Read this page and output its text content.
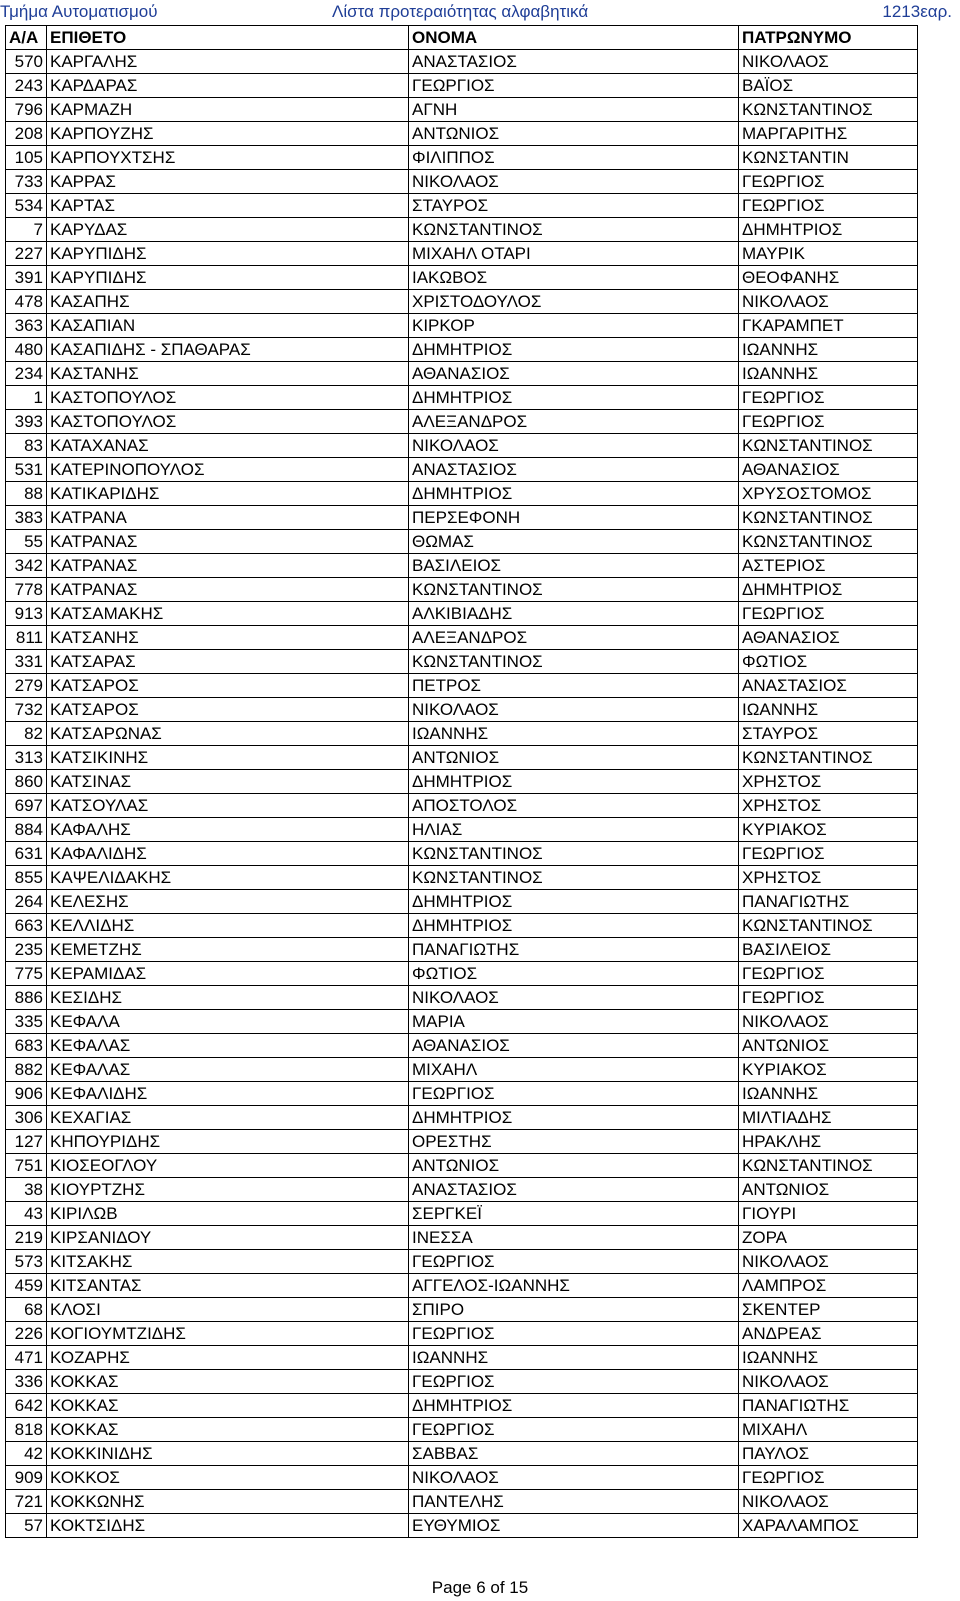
Τμήμα Αυτοματισμού	Λίστα προτεραιότητας αλφαβητικά	1213εαρ.
Α/Α	ΕΠΙΘΕΤΟ	ΟΝΟΜΑ	ΠΑΤΡΩΝΥΜΟ
570	ΚΑΡΓΑΛΗΣ	ΑΝΑΣΤΑΣΙΟΣ	ΝΙΚΟΛΑΟΣ
243	ΚΑΡΔΑΡΑΣ	ΓΕΩΡΓΙΟΣ	ΒΑΪΟΣ
796	ΚΑΡΜΑΖΗ	ΑΓΝΗ	ΚΩΝΣΤΑΝΤΙΝΟΣ
208	ΚΑΡΠΟΥΖΗΣ	ΑΝΤΩΝΙΟΣ	ΜΑΡΓΑΡΙΤΗΣ
105	ΚΑΡΠΟΥΧΤΣΗΣ	ΦΙΛΙΠΠΟΣ	ΚΩΝΣΤΑΝΤΙΝ
733	ΚΑΡΡΑΣ	ΝΙΚΟΛΑΟΣ	ΓΕΩΡΓΙΟΣ
534	ΚΑΡΤΑΣ	ΣΤΑΥΡΟΣ	ΓΕΩΡΓΙΟΣ
7	ΚΑΡΥΔΑΣ	ΚΩΝΣΤΑΝΤΙΝΟΣ	ΔΗΜΗΤΡΙΟΣ
227	ΚΑΡΥΠΙΔΗΣ	ΜΙΧΑΗΛ ΟΤΑΡΙ	ΜΑΥΡΙΚ
391	ΚΑΡΥΠΙΔΗΣ	ΙΑΚΩΒΟΣ	ΘΕΟΦΑΝΗΣ
478	ΚΑΣΑΠΗΣ	ΧΡΙΣΤΟΔΟΥΛΟΣ	ΝΙΚΟΛΑΟΣ
363	ΚΑΣΑΠΙΑΝ	ΚΙΡΚΟΡ	ΓΚΑΡΑΜΠΕΤ
480	ΚΑΣΑΠΙΔΗΣ - ΣΠΑΘΑΡΑΣ	ΔΗΜΗΤΡΙΟΣ	ΙΩΑΝΝΗΣ
234	ΚΑΣΤΑΝΗΣ	ΑΘΑΝΑΣΙΟΣ	ΙΩΑΝΝΗΣ
1	ΚΑΣΤΟΠΟΥΛΟΣ	ΔΗΜΗΤΡΙΟΣ	ΓΕΩΡΓΙΟΣ
393	ΚΑΣΤΟΠΟΥΛΟΣ	ΑΛΕΞΑΝΔΡΟΣ	ΓΕΩΡΓΙΟΣ
83	ΚΑΤΑΧΑΝΑΣ	ΝΙΚΟΛΑΟΣ	ΚΩΝΣΤΑΝΤΙΝΟΣ
531	ΚΑΤΕΡΙΝΟΠΟΥΛΟΣ	ΑΝΑΣΤΑΣΙΟΣ	ΑΘΑΝΑΣΙΟΣ
88	ΚΑΤΙΚΑΡΙΔΗΣ	ΔΗΜΗΤΡΙΟΣ	ΧΡΥΣΟΣΤΟΜΟΣ
383	ΚΑΤΡΑΝΑ	ΠΕΡΣΕΦΟΝΗ	ΚΩΝΣΤΑΝΤΙΝΟΣ
55	ΚΑΤΡΑΝΑΣ	ΘΩΜΑΣ	ΚΩΝΣΤΑΝΤΙΝΟΣ
342	ΚΑΤΡΑΝΑΣ	ΒΑΣΙΛΕΙΟΣ	ΑΣΤΕΡΙΟΣ
778	ΚΑΤΡΑΝΑΣ	ΚΩΝΣΤΑΝΤΙΝΟΣ	ΔΗΜΗΤΡΙΟΣ
913	ΚΑΤΣΑΜΑΚΗΣ	ΑΛΚΙΒΙΑΔΗΣ	ΓΕΩΡΓΙΟΣ
811	ΚΑΤΣΑΝΗΣ	ΑΛΕΞΑΝΔΡΟΣ	ΑΘΑΝΑΣΙΟΣ
331	ΚΑΤΣΑΡΑΣ	ΚΩΝΣΤΑΝΤΙΝΟΣ	ΦΩΤΙΟΣ
279	ΚΑΤΣΑΡΟΣ	ΠΕΤΡΟΣ	ΑΝΑΣΤΑΣΙΟΣ
732	ΚΑΤΣΑΡΟΣ	ΝΙΚΟΛΑΟΣ	ΙΩΑΝΝΗΣ
82	ΚΑΤΣΑΡΩΝΑΣ	ΙΩΑΝΝΗΣ	ΣΤΑΥΡΟΣ
313	ΚΑΤΣΙΚΙΝΗΣ	ΑΝΤΩΝΙΟΣ	ΚΩΝΣΤΑΝΤΙΝΟΣ
860	ΚΑΤΣΙΝΑΣ	ΔΗΜΗΤΡΙΟΣ	ΧΡΗΣΤΟΣ
697	ΚΑΤΣΟΥΛΑΣ	ΑΠΟΣΤΟΛΟΣ	ΧΡΗΣΤΟΣ
884	ΚΑΦΑΛΗΣ	ΗΛΙΑΣ	ΚΥΡΙΑΚΟΣ
631	ΚΑΦΑΛΙΔΗΣ	ΚΩΝΣΤΑΝΤΙΝΟΣ	ΓΕΩΡΓΙΟΣ
855	ΚΑΨΕΛΙΔΑΚΗΣ	ΚΩΝΣΤΑΝΤΙΝΟΣ	ΧΡΗΣΤΟΣ
264	ΚΕΛΕΣΗΣ	ΔΗΜΗΤΡΙΟΣ	ΠΑΝΑΓΙΩΤΗΣ
663	ΚΕΛΛΙΔΗΣ	ΔΗΜΗΤΡΙΟΣ	ΚΩΝΣΤΑΝΤΙΝΟΣ
235	ΚΕΜΕΤΖΗΣ	ΠΑΝΑΓΙΩΤΗΣ	ΒΑΣΙΛΕΙΟΣ
775	ΚΕΡΑΜΙΔΑΣ	ΦΩΤΙΟΣ	ΓΕΩΡΓΙΟΣ
886	ΚΕΣΙΔΗΣ	ΝΙΚΟΛΑΟΣ	ΓΕΩΡΓΙΟΣ
335	ΚΕΦΑΛΑ	ΜΑΡΙΑ	ΝΙΚΟΛΑΟΣ
683	ΚΕΦΑΛΑΣ	ΑΘΑΝΑΣΙΟΣ	ΑΝΤΩΝΙΟΣ
882	ΚΕΦΑΛΑΣ	ΜΙΧΑΗΛ	ΚΥΡΙΑΚΟΣ
906	ΚΕΦΑΛΙΔΗΣ	ΓΕΩΡΓΙΟΣ	ΙΩΑΝΝΗΣ
306	ΚΕΧΑΓΙΑΣ	ΔΗΜΗΤΡΙΟΣ	ΜΙΛΤΙΑΔΗΣ
127	ΚΗΠΟΥΡΙΔΗΣ	ΟΡΕΣΤΗΣ	ΗΡΑΚΛΗΣ
751	ΚΙΟΣΕΟΓΛΟΥ	ΑΝΤΩΝΙΟΣ	ΚΩΝΣΤΑΝΤΙΝΟΣ
38	ΚΙΟΥΡΤΖΗΣ	ΑΝΑΣΤΑΣΙΟΣ	ΑΝΤΩΝΙΟΣ
43	ΚΙΡΙΛΩΒ	ΣΕΡΓΚΕΪ	ΓΙΟΥΡΙ
219	ΚΙΡΣΑΝΙΔΟΥ	ΙΝΕΣΣΑ	ΖΟΡΑ
573	ΚΙΤΣΑΚΗΣ	ΓΕΩΡΓΙΟΣ	ΝΙΚΟΛΑΟΣ
459	ΚΙΤΣΑΝΤΑΣ	ΑΓΓΕΛΟΣ-ΙΩΑΝΝΗΣ	ΛΑΜΠΡΟΣ
68	ΚΛΟΣΙ	ΣΠΙΡΟ	ΣΚΕΝΤΕΡ
226	ΚΟΓΙΟΥΜΤΖΙΔΗΣ	ΓΕΩΡΓΙΟΣ	ΑΝΔΡΕΑΣ
471	ΚΟΖΑΡΗΣ	ΙΩΑΝΝΗΣ	ΙΩΑΝΝΗΣ
336	ΚΟΚΚΑΣ	ΓΕΩΡΓΙΟΣ	ΝΙΚΟΛΑΟΣ
642	ΚΟΚΚΑΣ	ΔΗΜΗΤΡΙΟΣ	ΠΑΝΑΓΙΩΤΗΣ
818	ΚΟΚΚΑΣ	ΓΕΩΡΓΙΟΣ	ΜΙΧΑΗΛ
42	ΚΟΚΚΙΝΙΔΗΣ	ΣΑΒΒΑΣ	ΠΑΥΛΟΣ
909	ΚΟΚΚΟΣ	ΝΙΚΟΛΑΟΣ	ΓΕΩΡΓΙΟΣ
721	ΚΟΚΚΩΝΗΣ	ΠΑΝΤΕΛΗΣ	ΝΙΚΟΛΑΟΣ
57	ΚΟΚΤΣΙΔΗΣ	ΕΥΘΥΜΙΟΣ	ΧΑΡΑΛΑΜΠΟΣ
Page 6 of 15
